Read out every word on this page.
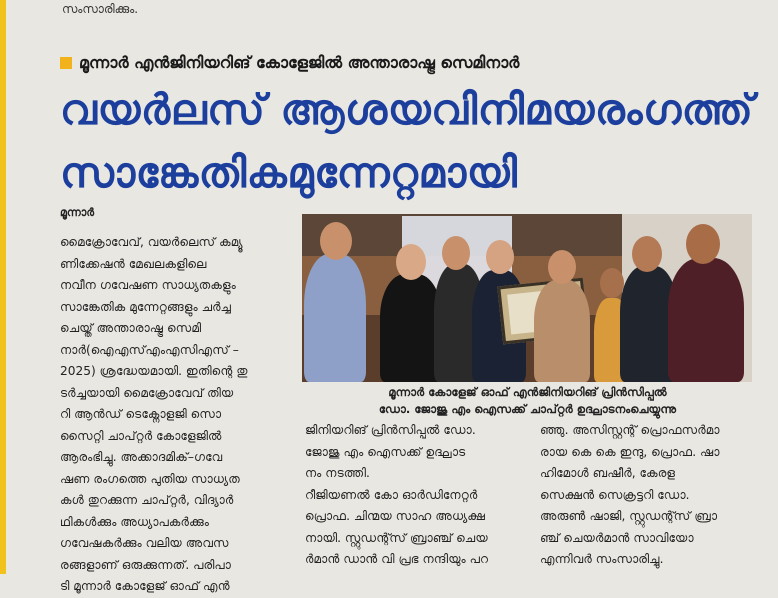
സംസാരിക്കും.
മൂന്നാർ എൻജിനിയറിങ് കോളേജിൽ അന്താരാഷ്ട്ര സെമിനാർ
വയർലസ് ആശയവിനിമയരംഗത്ത്
സാങ്കേതികമുന്നേറ്റമായി
മൂന്നാർ

മൈക്രോവേവ്, വയർലെസ് കമ്യൂ

ണിക്കേഷൻ മേഖലകളിലെ

നവീന ഗവേഷണ സാധ്യതകളും

സാങ്കേതിക മുന്നേറ്റങ്ങളും ചർച്ച

ചെയ്ത് അന്താരാഷ്ട്ര സെമി

നാർ(ഐഎസ്എംഎസിഎസ് –

2025) ശ്രദ്ധേയമായി. ഇതിന്റെ തു

ടർച്ചയായി മൈക്രോവേവ് തിയ

റി ആൻഡ് ടെക്നോളജി സൊ

സൈറ്റി ചാപ്റ്റർ കോളേജിൽ

ആരംഭിച്ചു. അക്കാദമിക്–ഗവേ

ഷണ രംഗത്തെ പുതിയ സാധ്യത

കൾ തുറക്കുന്ന ചാപ്റ്റർ, വിദ്യാർ

ഥികൾക്കും അധ്യാപകർക്കും

ഗവേഷകർക്കും വലിയ അവസ

രങ്ങളാണ് ഒരുക്കുന്നത്. പരിപാ

ടി മൂന്നാർ കോളേജ് ഓഫ് എൻ

മൂന്നാർ കോളേജ് ഓഫ് എൻജിനിയറിങ് പ്രിൻസിപ്പൽ

ഡോ. ജോജു എം ഐസക്ക് ചാപ്റ്റർ ഉദ്ഘാടനംചെയ്യുന്നു

ജിനിയറിങ് പ്രിൻസിപ്പൽ ഡോ.

ജോജു എം ഐസക്ക് ഉദ്ഘാട

നം നടത്തി.

റീജിയണൽ കോ ഓർഡിനേറ്റർ

പ്രൊഫ. ചിന്മയ സാഹ അധ്യക്ഷ

നായി. സ്റ്റുഡന്റ്സ് ബ്രാഞ്ച് ചെയ

ർമാൻ ഡാൻ വി പ്രഭ നന്ദിയും പറ

ഞ്ഞു. അസിസ്റ്റന്റ് പ്രൊഫസർമാ

രായ കെ കെ ഇന്ദു, പ്രൊഫ. ഷാ

ഹിമോൾ ബഷീർ, കേരള

സെക്ഷൻ സെക്രട്ടറി ഡോ.

അരുൺ ഷാജി, സ്റ്റുഡന്റ്സ് ബ്രാ

ഞ്ച് ചെയർമാൻ സാവിയോ

എന്നിവർ സംസാരിച്ചു.
